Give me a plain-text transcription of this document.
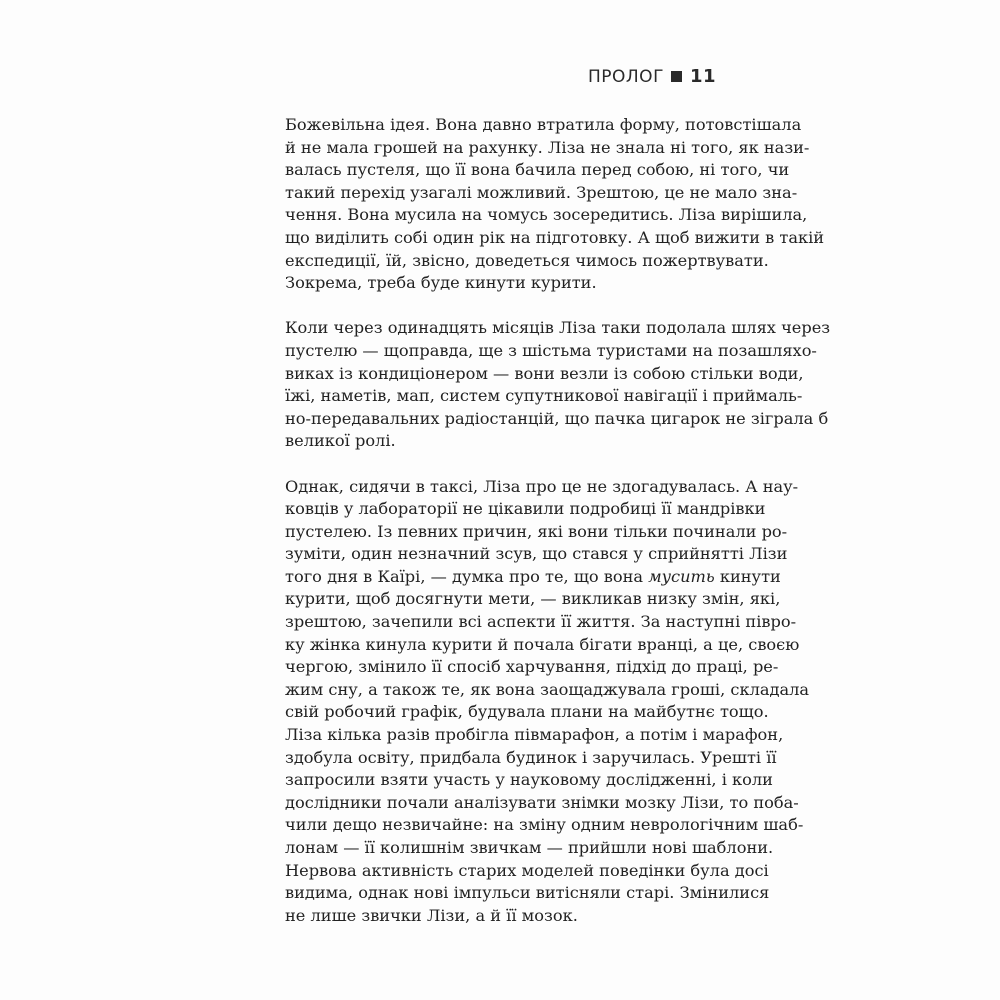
ПРОЛОГ 11
Божевільна ідея. Вона давно втратила форму, потовстішала
й не мала грошей на рахунку. Ліза не знала ні того, як нази-
валась пустеля, що її вона бачила перед собою, ні того, чи
такий перехід узагалі можливий. Зрештою, це не мало зна-
чення. Вона мусила на чомусь зосередитись. Ліза вирішила,
що виділить собі один рік на підготовку. А щоб вижити в такій
експедиції, їй, звісно, доведеться чимось пожертвувати.
Зокрема, треба буде кинути курити.
Коли через одинадцять місяців Ліза таки подолала шлях через
пустелю — щоправда, ще з шістьма туристами на позашляхо-
виках із кондиціонером — вони везли із собою стільки води,
їжі, наметів, мап, систем супутникової навігації і приймаль-
но-передавальних радіостанцій, що пачка цигарок не зіграла б
великої ролі.
Однак, сидячи в таксі, Ліза про це не здогадувалась. А нау-
ковців у лабораторії не цікавили подробиці її мандрівки
пустелею. Із певних причин, які вони тільки починали ро-
зуміти, один незначний зсув, що стався у сприйнятті Лізи
того дня в Каїрі, — думка про те, що вона мусить кинути
курити, щоб досягнути мети, — викликав низку змін, які,
зрештою, зачепили всі аспекти її життя. За наступні півро-
ку жінка кинула курити й почала бігати вранці, а це, своєю
чергою, змінило її спосіб харчування, підхід до праці, ре-
жим сну, а також те, як вона заощаджувала гроші, складала
свій робочий графік, будувала плани на майбутнє тощо.
Ліза кілька разів пробігла півмарафон, а потім і марафон,
здобула освіту, придбала будинок і заручилась. Урешті її
запросили взяти участь у науковому дослідженні, і коли
дослідники почали аналізувати знімки мозку Лізи, то поба-
чили дещо незвичайне: на зміну одним неврологічним шаб-
лонам — її колишнім звичкам — прийшли нові шаблони.
Нервова активність старих моделей поведінки була досі
видима, однак нові імпульси витісняли старі. Змінилися
не лише звички Лізи, а й її мозок.
